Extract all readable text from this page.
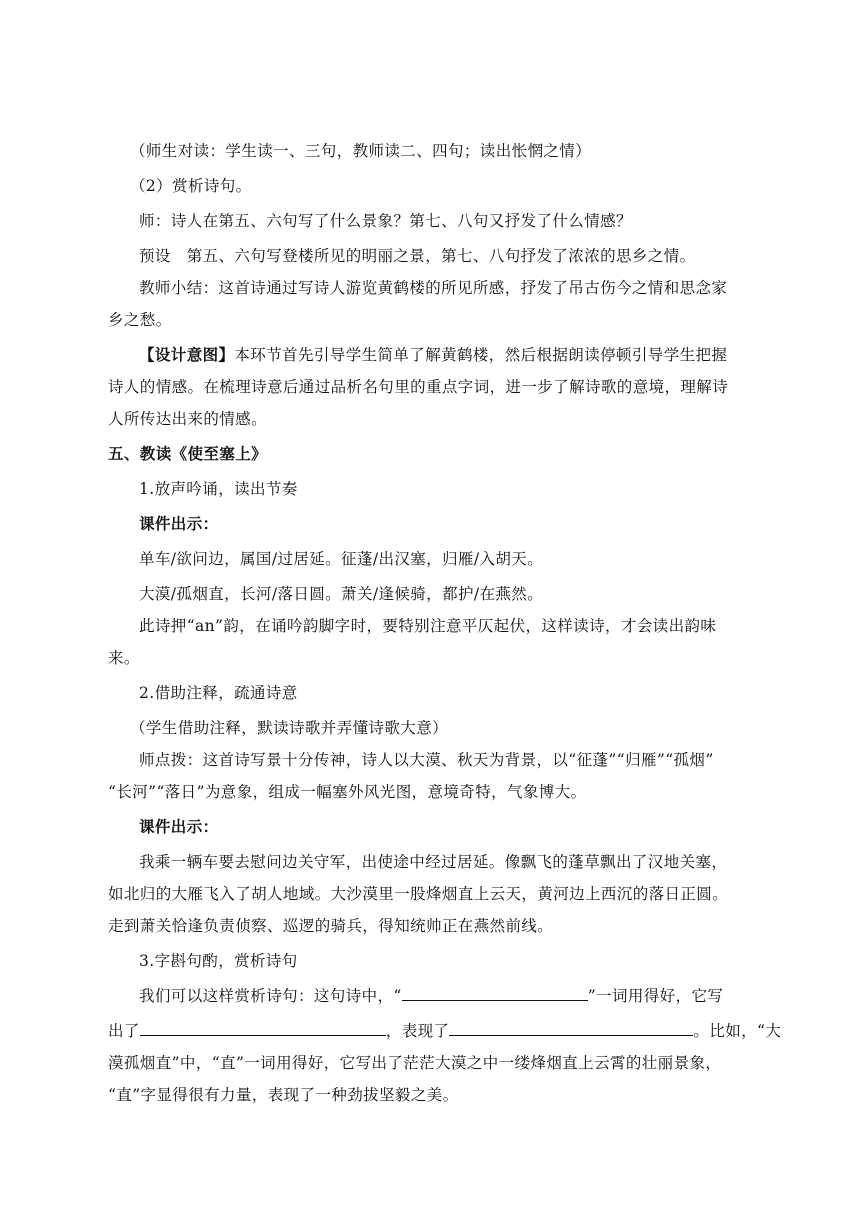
（师生对读：学生读一、三句，教师读二、四句；读出怅惘之情）
（2）赏析诗句。
师：诗人在第五、六句写了什么景象？第七、八句又抒发了什么情感？
预设　第五、六句写登楼所见的明丽之景，第七、八句抒发了浓浓的思乡之情。
教师小结：这首诗通过写诗人游览黄鹤楼的所见所感，抒发了吊古伤今之情和思念家
乡之愁。
【设计意图】本环节首先引导学生简单了解黄鹤楼，然后根据朗读停顿引导学生把握
诗人的情感。在梳理诗意后通过品析名句里的重点字词，进一步了解诗歌的意境，理解诗
人所传达出来的情感。
五、教读《使至塞上》
1.放声吟诵，读出节奏
课件出示：
单车/欲问边，属国/过居延。征蓬/出汉塞，归雁/入胡天。
大漠/孤烟直，长河/落日圆。萧关/逢候骑，都护/在燕然。
此诗押“an”韵，在诵吟韵脚字时，要特别注意平仄起伏，这样读诗，才会读出韵味
来。
2.借助注释，疏通诗意
（学生借助注释，默读诗歌并弄懂诗歌大意）
师点拨：这首诗写景十分传神，诗人以大漠、秋天为背景，以“征蓬”“归雁”“孤烟”
“长河”“落日”为意象，组成一幅塞外风光图，意境奇特，气象博大。
课件出示：
我乘一辆车要去慰问边关守军，出使途中经过居延。像飘飞的蓬草飘出了汉地关塞，
如北归的大雁飞入了胡人地域。大沙漠里一股烽烟直上云天，黄河边上西沉的落日正圆。
走到萧关恰逢负责侦察、巡逻的骑兵，得知统帅正在燕然前线。
3.字斟句酌，赏析诗句
我们可以这样赏析诗句：这句诗中，“	”一词用得好，它写
出了	，表现了	。比如，“大
漠孤烟直”中，“直”一词用得好，它写出了茫茫大漠之中一缕烽烟直上云霄的壮丽景象，
“直”字显得很有力量，表现了一种劲拔坚毅之美。
